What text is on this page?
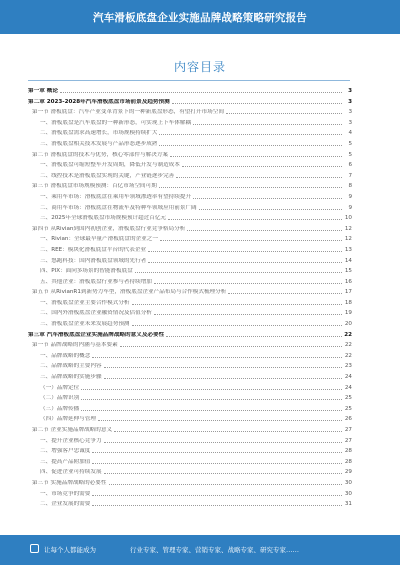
汽车滑板底盘企业实施品牌战略策略研究报告
内容目录
第一章 概论	3
第二章 2023-2028年汽车滑板底盘市场前景及趋势预测	3
第一节 滑板底盘：汽车产业变革背景下的一种新底盘形态，有望打开市场空间	3
一、滑板底盘是汽车底盘的一种新形态，可实现上下车体解耦	3
二、滑板底盘需求高速增长，市场规模持续扩大	4
三、滑板底盘相关技术发展与产品形态逐步成熟	5
第二节 滑板底盘的技术与优势，核心零部件与解决方案	5
一、滑板底盘可缩短整车开发周期，降低开发与制造成本	6
二、线控技术是滑板底盘实现的关键，产业链逐步完善	7
第三节 滑板底盘市场规模预测：百亿市场空间可期	8
一、乘用车市场：滑板底盘在乘用车领域渗透率有望持续提升	9
二、商用车市场：滑板底盘在物流车及特种车领域应用前景广阔	9
三、2025年全球滑板底盘市场规模预计超过百亿元	10
第四节 从Rivian到国内初创企业，滑板底盘行业竞争格局分析	12
一、Rivian：全球最早量产滑板底盘的企业之一	12
二、REE：模块化滑板底盘平台的代表企业	13
三、悠跑科技：国内滑板底盘领域的先行者	14
四、PIX：面向多场景的智能滑板底盘	15
五、其他企业：滑板底盘行业参与者持续增加	16
第五节 从RivianR1到新势力车型，滑板底盘企业产品布局与合作模式梳理分析	17
一、滑板底盘企业主要合作模式分析	18
二、国内外滑板底盘企业融资情况及估值分析	19
三、滑板底盘企业未来发展趋势预测	20
第三章 汽车滑板底盘企业实施品牌战略的意义及必要性	22
第一节 品牌战略的内涵与基本要素	22
一、品牌战略的概念	22
二、品牌战略的主要内容	23
三、品牌战略的实施步骤	24
（一）品牌定位	24
（二）品牌识别	25
（三）品牌传播	25
（四）品牌延伸与管理	26
第二节 企业实施品牌战略的意义	27
一、提升企业核心竞争力	27
二、增强客户忠诚度	28
三、提高产品附加值	28
四、促进企业可持续发展	29
第三节 实施品牌战略的必要性	30
一、市场竞争的需要	30
二、企业发展的需要	31
让每个人都能成为	行业专家、管理专家、营销专家、战略专家、研究专家……
